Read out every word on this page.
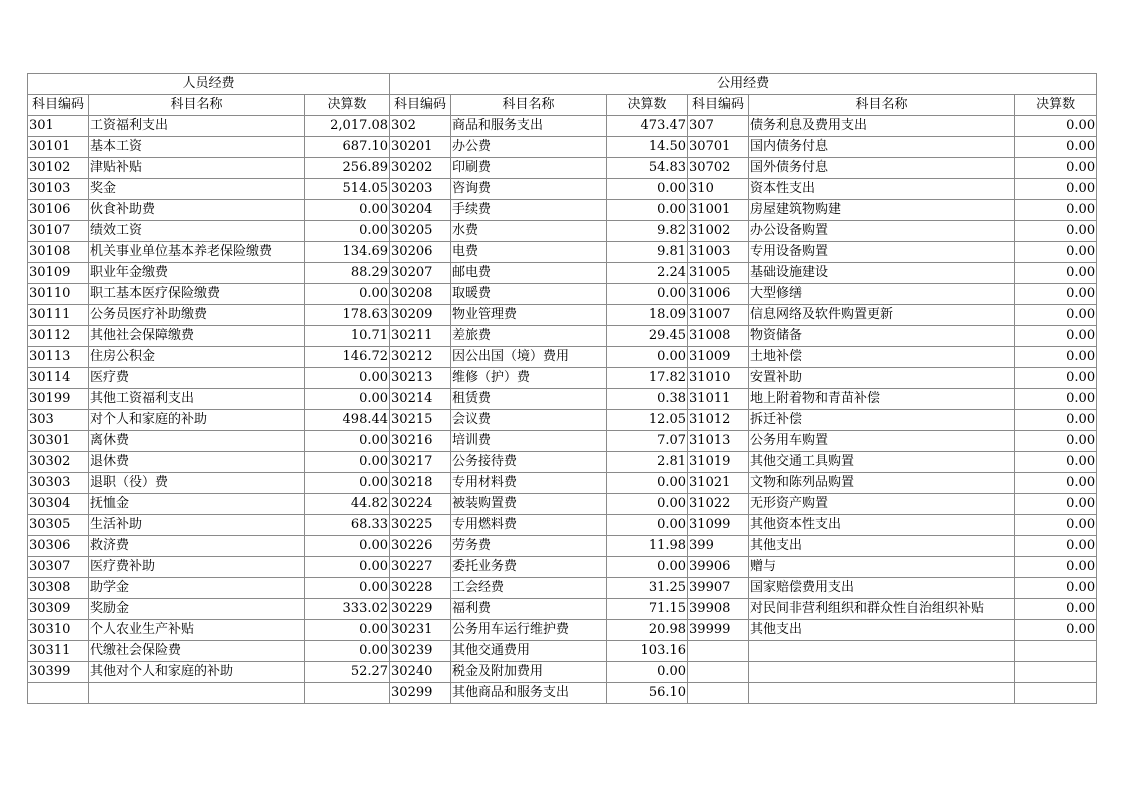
人员经费			公用经费					
科目编码	科目名称	决算数	科目编码	科目名称	决算数	科目编码	科目名称	决算数
301	工资福利支出	2,017.08	302	商品和服务支出	473.47	307	债务利息及费用支出	0.00
30101	基本工资	687.10	30201	办公费	14.50	30701	国内债务付息	0.00
30102	津贴补贴	256.89	30202	印刷费	54.83	30702	国外债务付息	0.00
30103	奖金	514.05	30203	咨询费	0.00	310	资本性支出	0.00
30106	伙食补助费	0.00	30204	手续费	0.00	31001	房屋建筑物购建	0.00
30107	绩效工资	0.00	30205	水费	9.82	31002	办公设备购置	0.00
30108	机关事业单位基本养老保险缴费	134.69	30206	电费	9.81	31003	专用设备购置	0.00
30109	职业年金缴费	88.29	30207	邮电费	2.24	31005	基础设施建设	0.00
30110	职工基本医疗保险缴费	0.00	30208	取暖费	0.00	31006	大型修缮	0.00
30111	公务员医疗补助缴费	178.63	30209	物业管理费	18.09	31007	信息网络及软件购置更新	0.00
30112	其他社会保障缴费	10.71	30211	差旅费	29.45	31008	物资储备	0.00
30113	住房公积金	146.72	30212	因公出国（境）费用	0.00	31009	土地补偿	0.00
30114	医疗费	0.00	30213	维修（护）费	17.82	31010	安置补助	0.00
30199	其他工资福利支出	0.00	30214	租赁费	0.38	31011	地上附着物和青苗补偿	0.00
303	对个人和家庭的补助	498.44	30215	会议费	12.05	31012	拆迁补偿	0.00
30301	离休费	0.00	30216	培训费	7.07	31013	公务用车购置	0.00
30302	退休费	0.00	30217	公务接待费	2.81	31019	其他交通工具购置	0.00
30303	退职（役）费	0.00	30218	专用材料费	0.00	31021	文物和陈列品购置	0.00
30304	抚恤金	44.82	30224	被装购置费	0.00	31022	无形资产购置	0.00
30305	生活补助	68.33	30225	专用燃料费	0.00	31099	其他资本性支出	0.00
30306	救济费	0.00	30226	劳务费	11.98	399	其他支出	0.00
30307	医疗费补助	0.00	30227	委托业务费	0.00	39906	赠与	0.00
30308	助学金	0.00	30228	工会经费	31.25	39907	国家赔偿费用支出	0.00
30309	奖励金	333.02	30229	福利费	71.15	39908	对民间非营利组织和群众性自治组织补贴	0.00
30310	个人农业生产补贴	0.00	30231	公务用车运行维护费	20.98	39999	其他支出	0.00
30311	代缴社会保险费	0.00	30239	其他交通费用	103.16			
30399	其他对个人和家庭的补助	52.27	30240	税金及附加费用	0.00			
			30299	其他商品和服务支出	56.10			
